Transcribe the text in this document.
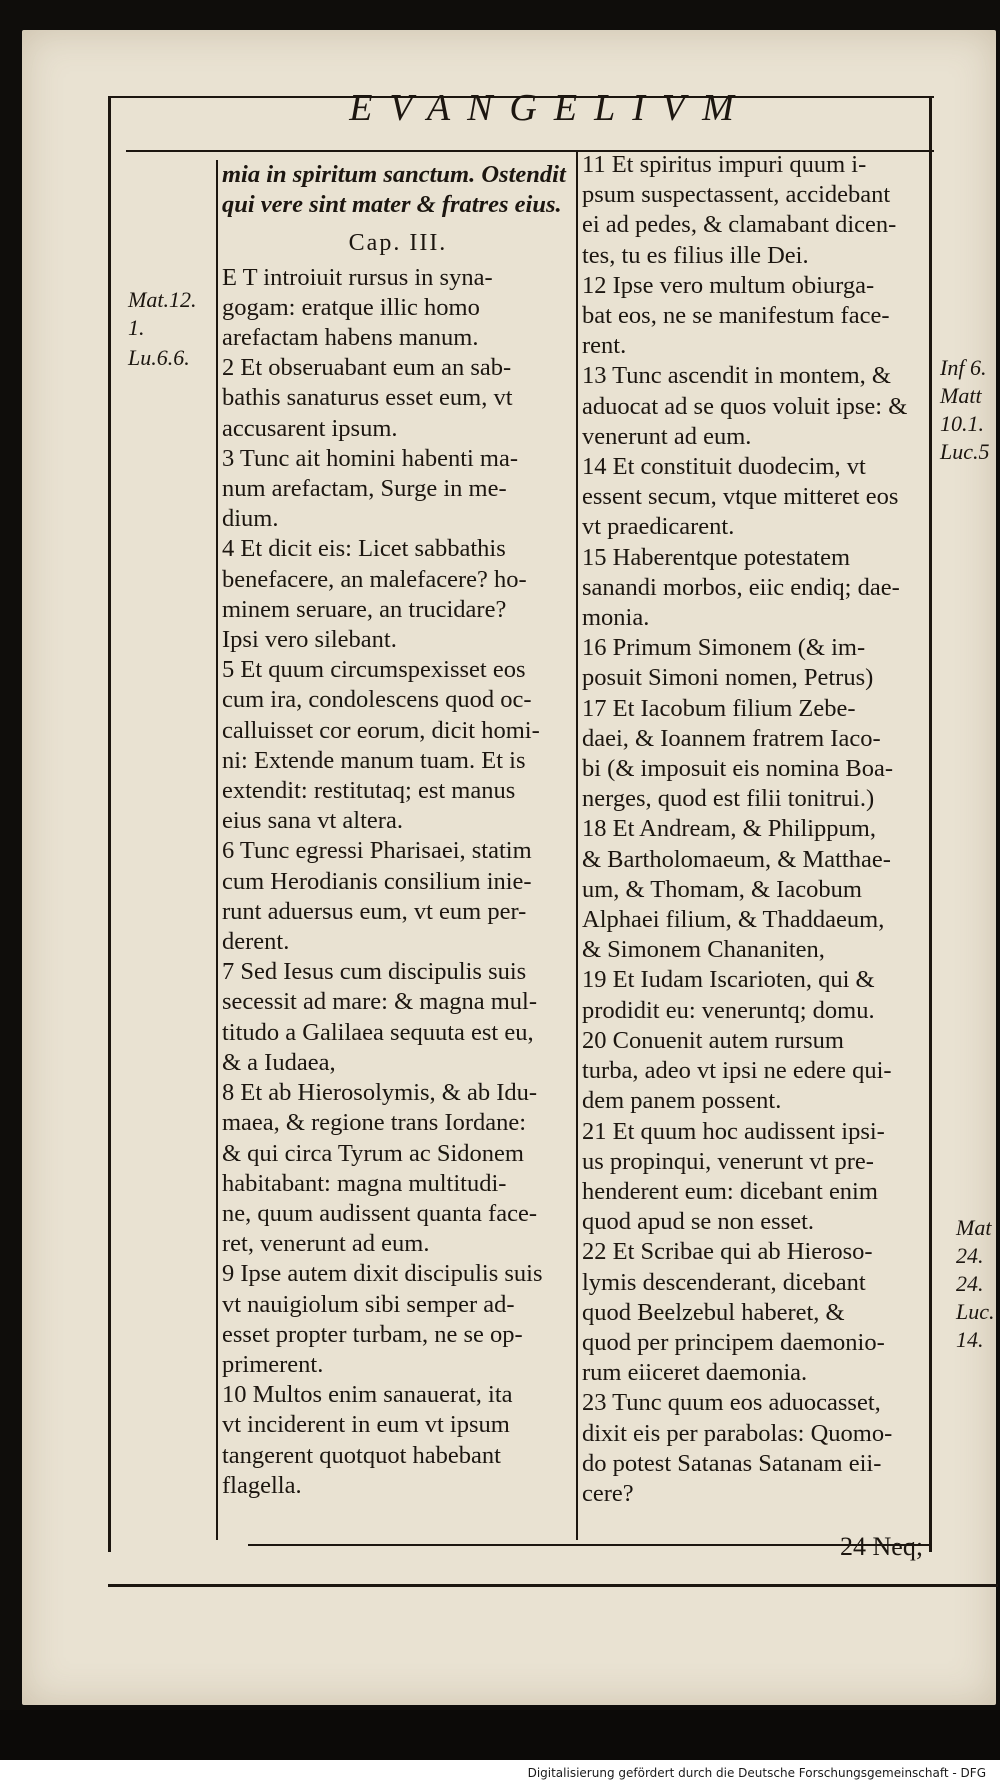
EVANGELIVM
Mat.12.
1.
Lu.6.6.	Inf 6.
Matt
10.1.
Luc.5
Mat
24.
24.
Luc.
14.
mia in spiritum sanctum. Ostendit
qui vere sint mater & fratres eius.
Cap. III.
E T introiuit rursus in syna-
gogam: eratque illic homo
arefactam habens manum.
2 Et obseruabant eum an sab-
bathis sanaturus esset eum, vt
accusarent ipsum.
3 Tunc ait homini habenti ma-
num arefactam, Surge in me-
dium.
4 Et dicit eis: Licet sabbathis
benefacere, an malefacere? ho-
minem seruare, an trucidare?
Ipsi vero silebant.
5 Et quum circumspexisset eos
cum ira, condolescens quod oc-
calluisset cor eorum, dicit homi-
ni: Extende manum tuam. Et is
extendit: restitutaq; est manus
eius sana vt altera.
6 Tunc egressi Pharisaei, statim
cum Herodianis consilium inie-
runt aduersus eum, vt eum per-
derent.
7 Sed Iesus cum discipulis suis
secessit ad mare: & magna mul-
titudo a Galilaea sequuta est eu,
& a Iudaea,
8 Et ab Hierosolymis, & ab Idu-
maea, & regione trans Iordane:
& qui circa Tyrum ac Sidonem
habitabant: magna multitudi-
ne, quum audissent quanta face-
ret, venerunt ad eum.
9 Ipse autem dixit discipulis suis
vt nauigiolum sibi semper ad-
esset propter turbam, ne se op-
primerent.
10 Multos enim sanauerat, ita
vt inciderent in eum vt ipsum
tangerent quotquot habebant
flagella.
11 Et spiritus impuri quum i-
psum suspectassent, accidebant
ei ad pedes, & clamabant dicen-
tes, tu es filius ille Dei.
12 Ipse vero multum obiurga-
bat eos, ne se manifestum face-
rent.
13 Tunc ascendit in montem, &
aduocat ad se quos voluit ipse: &
venerunt ad eum.
14 Et constituit duodecim, vt
essent secum, vtque mitteret eos
vt praedicarent.
15 Haberentque potestatem
sanandi morbos, eiic endiq; dae-
monia.
16 Primum Simonem (& im-
posuit Simoni nomen, Petrus)
17 Et Iacobum filium Zebe-
daei, & Ioannem fratrem Iaco-
bi (& imposuit eis nomina Boa-
nerges, quod est filii tonitrui.)
18 Et Andream, & Philippum,
& Bartholomaeum, & Matthae-
um, & Thomam, & Iacobum
Alphaei filium, & Thaddaeum,
& Simonem Chananiten,
19 Et Iudam Iscarioten, qui &
prodidit eu: veneruntq; domu.
20 Conuenit autem rursum
turba, adeo vt ipsi ne edere qui-
dem panem possent.
21 Et quum hoc audissent ipsi-
us propinqui, venerunt vt pre-
henderent eum: dicebant enim
quod apud se non esset.
22 Et Scribae qui ab Hieroso-
lymis descenderant, dicebant
quod Beelzebul haberet, &
quod per principem daemonio-
rum eiiceret daemonia.
23 Tunc quum eos aduocasset,
dixit eis per parabolas: Quomo-
do potest Satanas Satanam eii-
cere?
24 Neq;
Digitalisierung gefördert durch die Deutsche Forschungsgemeinschaft - DFG
